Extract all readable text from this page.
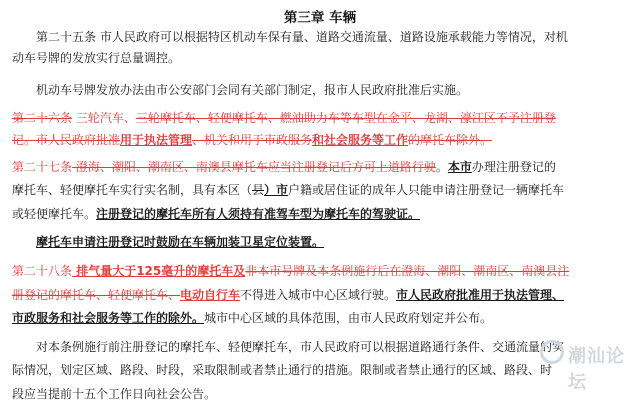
第三章 车辆
第二十五条 市人民政府可以根据特区机动车保有量、道路交通流量、道路设施承载能力等情况，对机
动车号牌的发放实行总量调控。
机动车号牌发放办法由市公安部门会同有关部门制定，报市人民政府批准后实施。
第二十六条 三轮汽车、三轮摩托车、轻便摩托车、燃油助力车等车型在金平、龙湖、濠江区不予注册登
记。市人民政府批准用于执法管理、机关和用于市政服务和社会服务等工作的摩托车除外。
第二十七条 澄海、潮阳、潮南区、南澳县摩托车应当注册登记后方可上道路行驶。本市办理注册登记的
摩托车、轻便摩托车实行实名制，具有本区（县）市户籍或居住证的成年人只能申请注册登记一辆摩托车
或轻便摩托车。注册登记的摩托车所有人须持有准驾车型为摩托车的驾驶证。
摩托车申请注册登记时鼓励在车辆加装卫星定位装置。
第二十八条 排气量大于125毫升的摩托车及非本市号牌及本条例施行后在澄海、潮阳、潮南区、南澳县注
册登记的摩托车、轻便摩托车、电动自行车不得进入城市中心区域行驶。市人民政府批准用于执法管理、
市政服务和社会服务等工作的除外。城市中心区域的具体范围，由市人民政府划定并公布。
对本条例施行前注册登记的摩托车、轻便摩托车，市人民政府可以根据道路通行条件、交通流量的实
际情况，划定区域、路段、时段，采取限制或者禁止通行的措施。限制或者禁止通行的区域、路段、时
段应当提前十五个工作日向社会公告。
潮汕论坛
